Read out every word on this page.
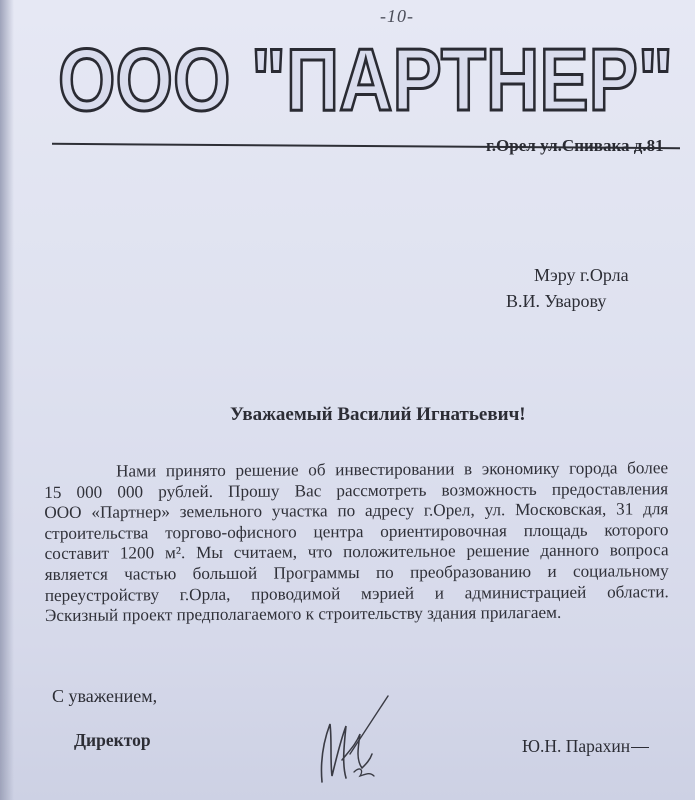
-10-
ООО "ПАРТНЕР"
г.Орел ул.Спивака д.81
Мэру г.Орла
В.И. Уварову
Уважаемый Василий Игнатьевич!
Нами принято решение об инвестировании в экономику города более
15 000 000 рублей. Прошу Вас рассмотреть возможность предоставления
ООО «Партнер» земельного участка по адресу г.Орел, ул. Московская, 31 для
строительства торгово-офисного центра ориентировочная площадь которого
составит 1200 м². Мы считаем, что положительное решение данного вопроса
является частью большой Программы по преобразованию и социальному
переустройству г.Орла, проводимой мэрией и администрацией области.
Эскизный проект предполагаемого к строительству здания прилагаем.
С уважением,
Директор	Ю.Н. Парахин
